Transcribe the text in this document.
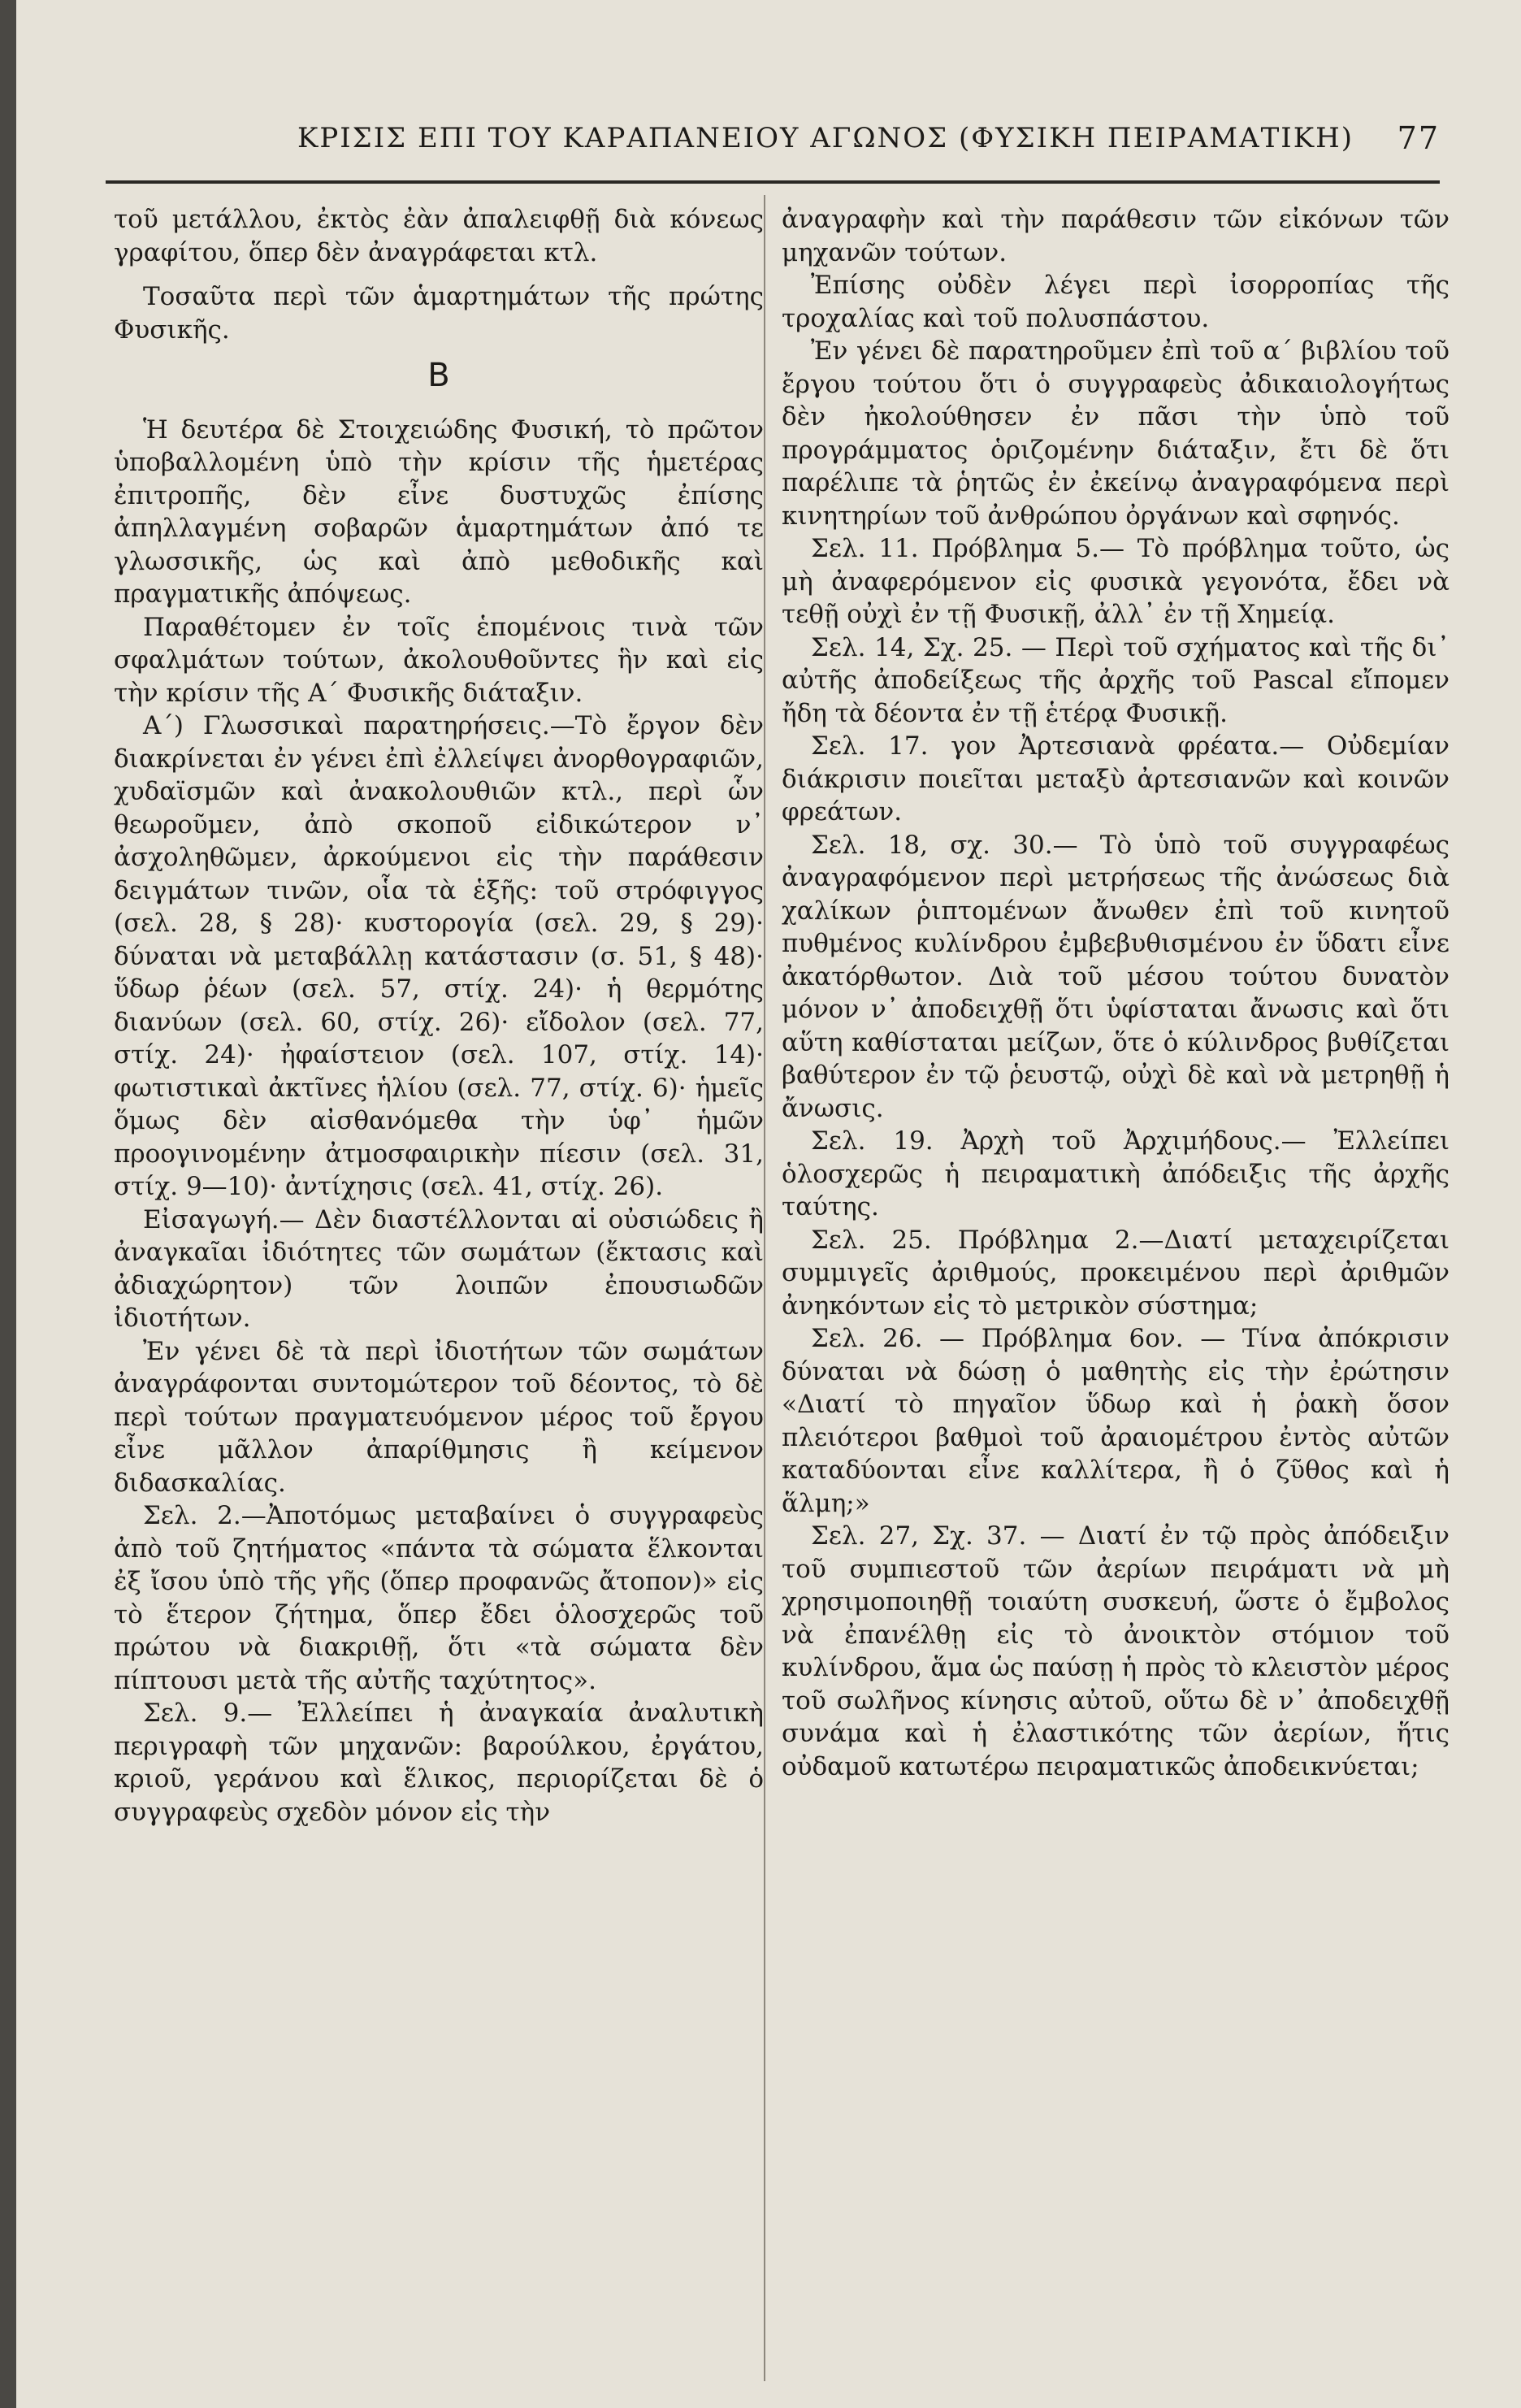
ΚΡΙΣΙΣ ΕΠΙ ΤΟΥ ΚΑΡΑΠΑΝΕΙΟΥ ΑΓΩΝΟΣ (ΦΥΣΙΚΗ ΠΕΙΡΑΜΑΤΙΚΗ) 77

τοῦ μετάλλου, ἐκτὸς ἐὰν ἀπαλειφθῇ διὰ κόνεως γραφίτου, ὅπερ δὲν ἀναγράφεται κτλ.

Τοσαῦτα περὶ τῶν ἁμαρτημάτων τῆς πρώτης Φυσικῆς.

Β

Ἡ δευτέρα δὲ Στοιχειώδης Φυσική, τὸ πρῶτον ὑποβαλλομένη ὑπὸ τὴν κρίσιν τῆς ἡμετέρας ἐπιτροπῆς, δὲν εἶνε δυστυχῶς ἐπίσης ἀπηλλαγμένη σοβαρῶν ἁμαρτημάτων ἀπό τε γλωσσικῆς, ὡς καὶ ἀπὸ μεθοδικῆς καὶ πραγματικῆς ἀπόψεως.

Παραθέτομεν ἐν τοῖς ἑπομένοις τινὰ τῶν σφαλμάτων τούτων, ἀκολουθοῦντες ἣν καὶ εἰς τὴν κρίσιν τῆς Α΄ Φυσικῆς διάταξιν.

Α΄) Γλωσσικαὶ παρατηρήσεις.—Τὸ ἔργον δὲν διακρίνεται ἐν γένει ἐπὶ ἐλλείψει ἀνορθογραφιῶν, χυδαϊσμῶν καὶ ἀνακολουθιῶν κτλ., περὶ ὧν θεωροῦμεν, ἀπὸ σκοποῦ εἰδικώτερον ν᾽ ἀσχοληθῶμεν, ἀρκούμενοι εἰς τὴν παράθεσιν δειγμάτων τινῶν, οἷα τὰ ἑξῆς: τοῦ στρόφιγγος (σελ. 28, § 28)· κυστορογία (σελ. 29, § 29)· δύναται νὰ μεταβάλλῃ κατάστασιν (σ. 51, § 48)· ὕδωρ ῥέων (σελ. 57, στίχ. 24)· ἡ θερμότης διανύων (σελ. 60, στίχ. 26)· εἴδολον (σελ. 77, στίχ. 24)· ἠφαίστειον (σελ. 107, στίχ. 14)· φωτιστικαὶ ἀκτῖνες ἡλίου (σελ. 77, στίχ. 6)· ἡμεῖς ὅμως δὲν αἰσθανόμεθα τὴν ὑφ᾽ ἡμῶν προογινομένην ἀτμοσφαιρικὴν πίεσιν (σελ. 31, στίχ. 9—10)· ἀντίχησις (σελ. 41, στίχ. 26).

Εἰσαγωγή.— Δὲν διαστέλλονται αἱ οὐσιώδεις ἢ ἀναγκαῖαι ἰδιότητες τῶν σωμάτων (ἔκτασις καὶ ἀδιαχώρητον) τῶν λοιπῶν ἐπουσιωδῶν ἰδιοτήτων.

Ἐν γένει δὲ τὰ περὶ ἰδιοτήτων τῶν σωμάτων ἀναγράφονται συντομώτερον τοῦ δέοντος, τὸ δὲ περὶ τούτων πραγματευόμενον μέρος τοῦ ἔργου εἶνε μᾶλλον ἀπαρίθμησις ἢ κείμενον διδασκαλίας.

Σελ. 2.—Ἀποτόμως μεταβαίνει ὁ συγγραφεὺς ἀπὸ τοῦ ζητήματος «πάντα τὰ σώματα ἕλκονται ἐξ ἴσου ὑπὸ τῆς γῆς (ὅπερ προφανῶς ἄτοπον)» εἰς τὸ ἕτερον ζήτημα, ὅπερ ἔδει ὁλοσχερῶς τοῦ πρώτου νὰ διακριθῇ, ὅτι «τὰ σώματα δὲν πίπτουσι μετὰ τῆς αὐτῆς ταχύτητος».

Σελ. 9.— Ἐλλείπει ἡ ἀναγκαία ἀναλυτικὴ περιγραφὴ τῶν μηχανῶν: βαρούλκου, ἐργάτου, κριοῦ, γεράνου καὶ ἕλικος, περιορίζεται δὲ ὁ συγγραφεὺς σχεδὸν μόνον εἰς τὴν

ἀναγραφὴν καὶ τὴν παράθεσιν τῶν εἰκόνων τῶν μηχανῶν τούτων.

Ἐπίσης οὐδὲν λέγει περὶ ἰσορροπίας τῆς τροχαλίας καὶ τοῦ πολυσπάστου.

Ἐν γένει δὲ παρατηροῦμεν ἐπὶ τοῦ α΄ βιβλίου τοῦ ἔργου τούτου ὅτι ὁ συγγραφεὺς ἀδικαιολογήτως δὲν ἠκολούθησεν ἐν πᾶσι τὴν ὑπὸ τοῦ προγράμματος ὁριζομένην διάταξιν, ἔτι δὲ ὅτι παρέλιπε τὰ ῥητῶς ἐν ἐκείνῳ ἀναγραφόμενα περὶ κινητηρίων τοῦ ἀνθρώπου ὀργάνων καὶ σφηνός.

Σελ. 11. Πρόβλημα 5.— Τὸ πρόβλημα τοῦτο, ὡς μὴ ἀναφερόμενον εἰς φυσικὰ γεγονότα, ἔδει νὰ τεθῇ οὐχὶ ἐν τῇ Φυσικῇ, ἀλλ᾽ ἐν τῇ Χημείᾳ.

Σελ. 14, Σχ. 25. — Περὶ τοῦ σχήματος καὶ τῆς δι᾽ αὐτῆς ἀποδείξεως τῆς ἀρχῆς τοῦ Pascal εἴπομεν ἤδη τὰ δέοντα ἐν τῇ ἑτέρᾳ Φυσικῇ.

Σελ. 17. γον Ἀρτεσιανὰ φρέατα.— Οὐδεμίαν διάκρισιν ποιεῖται μεταξὺ ἀρτεσιανῶν καὶ κοινῶν φρεάτων.

Σελ. 18, σχ. 30.— Τὸ ὑπὸ τοῦ συγγραφέως ἀναγραφόμενον περὶ μετρήσεως τῆς ἀνώσεως διὰ χαλίκων ῥιπτομένων ἄνωθεν ἐπὶ τοῦ κινητοῦ πυθμένος κυλίνδρου ἐμβεβυθισμένου ἐν ὕδατι εἶνε ἀκατόρθωτον. Διὰ τοῦ μέσου τούτου δυνατὸν μόνον ν᾽ ἀποδειχθῇ ὅτι ὑφίσταται ἄνωσις καὶ ὅτι αὕτη καθίσταται μείζων, ὅτε ὁ κύλινδρος βυθίζεται βαθύτερον ἐν τῷ ῥευστῷ, οὐχὶ δὲ καὶ νὰ μετρηθῇ ἡ ἄνωσις.

Σελ. 19. Ἀρχὴ τοῦ Ἀρχιμήδους.— Ἐλλείπει ὁλοσχερῶς ἡ πειραματικὴ ἀπόδειξις τῆς ἀρχῆς ταύτης.

Σελ. 25. Πρόβλημα 2.—Διατί μεταχειρίζεται συμμιγεῖς ἀριθμούς, προκειμένου περὶ ἀριθμῶν ἀνηκόντων εἰς τὸ μετρικὸν σύστημα;

Σελ. 26. — Πρόβλημα 6ον. — Τίνα ἀπόκρισιν δύναται νὰ δώσῃ ὁ μαθητὴς εἰς τὴν ἐρώτησιν «Διατί τὸ πηγαῖον ὕδωρ καὶ ἡ ῥακὴ ὅσον πλειότεροι βαθμοὶ τοῦ ἀραιομέτρου ἐντὸς αὐτῶν καταδύονται εἶνε καλλίτερα, ἢ ὁ ζῦθος καὶ ἡ ἅλμη;»

Σελ. 27, Σχ. 37. — Διατί ἐν τῷ πρὸς ἀπόδειξιν τοῦ συμπιεστοῦ τῶν ἀερίων πειράματι νὰ μὴ χρησιμοποιηθῇ τοιαύτη συσκευή, ὥστε ὁ ἔμβολος νὰ ἐπανέλθῃ εἰς τὸ ἀνοικτὸν στόμιον τοῦ κυλίνδρου, ἅμα ὡς παύσῃ ἡ πρὸς τὸ κλειστὸν μέρος τοῦ σωλῆνος κίνησις αὐτοῦ, οὕτω δὲ ν᾽ ἀποδειχθῇ συνάμα καὶ ἡ ἐλαστικότης τῶν ἀερίων, ἥτις οὐδαμοῦ κατωτέρω πειραματικῶς ἀποδεικνύεται;
